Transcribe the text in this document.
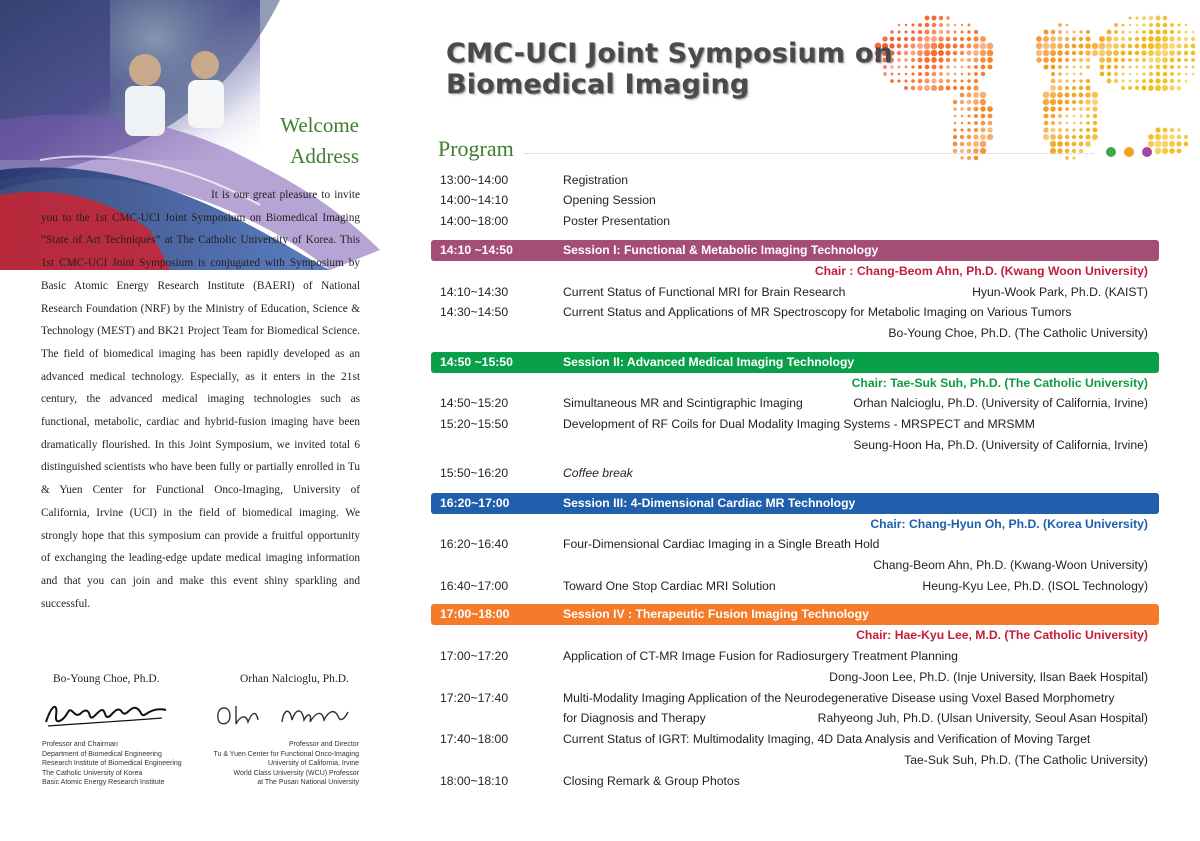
CMC-UCI Joint Symposium on
Biomedical Imaging
Welcome
Address

It is our great pleasure to invite you to the 1st CMC-UCI Joint Symposium on Biomedical Imaging “State of Art Techniques” at The Catholic University of Korea. This 1st CMC-UCI Joint Symposium is conjugated with Symposium by Basic Atomic Energy Research Institute (BAERI) of National Research Foundation (NRF) by the Ministry of Education, Science & Technology (MEST) and BK21 Project Team for Biomedical Science. The field of biomedical imaging has been rapidly developed as an advanced medical technology. Especially, as it enters in the 21st century, the advanced medical imaging technologies such as functional, metabolic, cardiac and hybrid-fusion imaging have been dramatically flourished. In this Joint Symposium, we invited total 6 distinguished scientists who have been fully or partially enrolled in Tu & Yuen Center for Functional Onco-Imaging, University of California, Irvine (UCI) in the field of biomedical imaging. We strongly hope that this symposium can provide a fruitful opportunity of exchanging the leading-edge update medical imaging information and that you can join and make this event shiny sparkling and successful.

Bo-Young Choe, Ph.D.
Professor and Chairman
Department of Biomedical Engineering
Research Institute of Biomedical Engineering
The Catholic University of Korea
Basic Atomic Energy Research Institute
Orhan Nalcioglu, Ph.D.
Professor and Director
Tu & Yuen Center for Functional Onco-Imaging
University of California, Irvine
World Class University (WCU) Professor
at The Pusan National University
Program
13:00~14:00	Registration
14:00~14:10	Opening Session
14:00~18:00	Poster Presentation
14:10 ~14:50	Session I: Functional & Metabolic Imaging Technology
Chair : Chang-Beom Ahn, Ph.D. (Kwang Woon University)
14:10~14:30	Current Status of Functional MRI for Brain Research	Hyun-Wook Park, Ph.D. (KAIST)
14:30~14:50	Current Status and Applications of MR Spectroscopy for Metabolic Imaging on Various Tumors
Bo-Young Choe, Ph.D. (The Catholic University)
14:50 ~15:50	Session II: Advanced Medical Imaging Technology
Chair: Tae-Suk Suh, Ph.D. (The Catholic University)
14:50~15:20	Simultaneous MR and Scintigraphic Imaging	Orhan Nalcioglu, Ph.D. (University of California, Irvine)
15:20~15:50	Development of RF Coils for Dual Modality Imaging Systems - MRSPECT and MRSMM
Seung-Hoon Ha, Ph.D. (University of California, Irvine)
15:50~16:20	Coffee break
16:20~17:00	Session III: 4-Dimensional Cardiac MR Technology
Chair: Chang-Hyun Oh, Ph.D. (Korea University)
16:20~16:40	Four-Dimensional Cardiac Imaging in a Single Breath Hold
Chang-Beom Ahn, Ph.D. (Kwang-Woon University)
16:40~17:00	Toward One Stop Cardiac MRI Solution	Heung-Kyu Lee, Ph.D. (ISOL Technology)
17:00~18:00	Session IV : Therapeutic Fusion Imaging Technology
Chair: Hae-Kyu Lee, M.D. (The Catholic University)
17:00~17:20	Application of CT-MR Image Fusion for Radiosurgery Treatment Planning
Dong-Joon Lee, Ph.D. (Inje University, Ilsan Baek Hospital)
17:20~17:40	Multi-Modality Imaging Application of the Neurodegenerative Disease using Voxel Based Morphometry
for Diagnosis and Therapy	Rahyeong Juh, Ph.D. (Ulsan University, Seoul Asan Hospital)
17:40~18:00	Current Status of IGRT: Multimodality Imaging, 4D Data Analysis and Verification of Moving Target
Tae-Suk Suh, Ph.D. (The Catholic University)
18:00~18:10	Closing Remark & Group Photos
